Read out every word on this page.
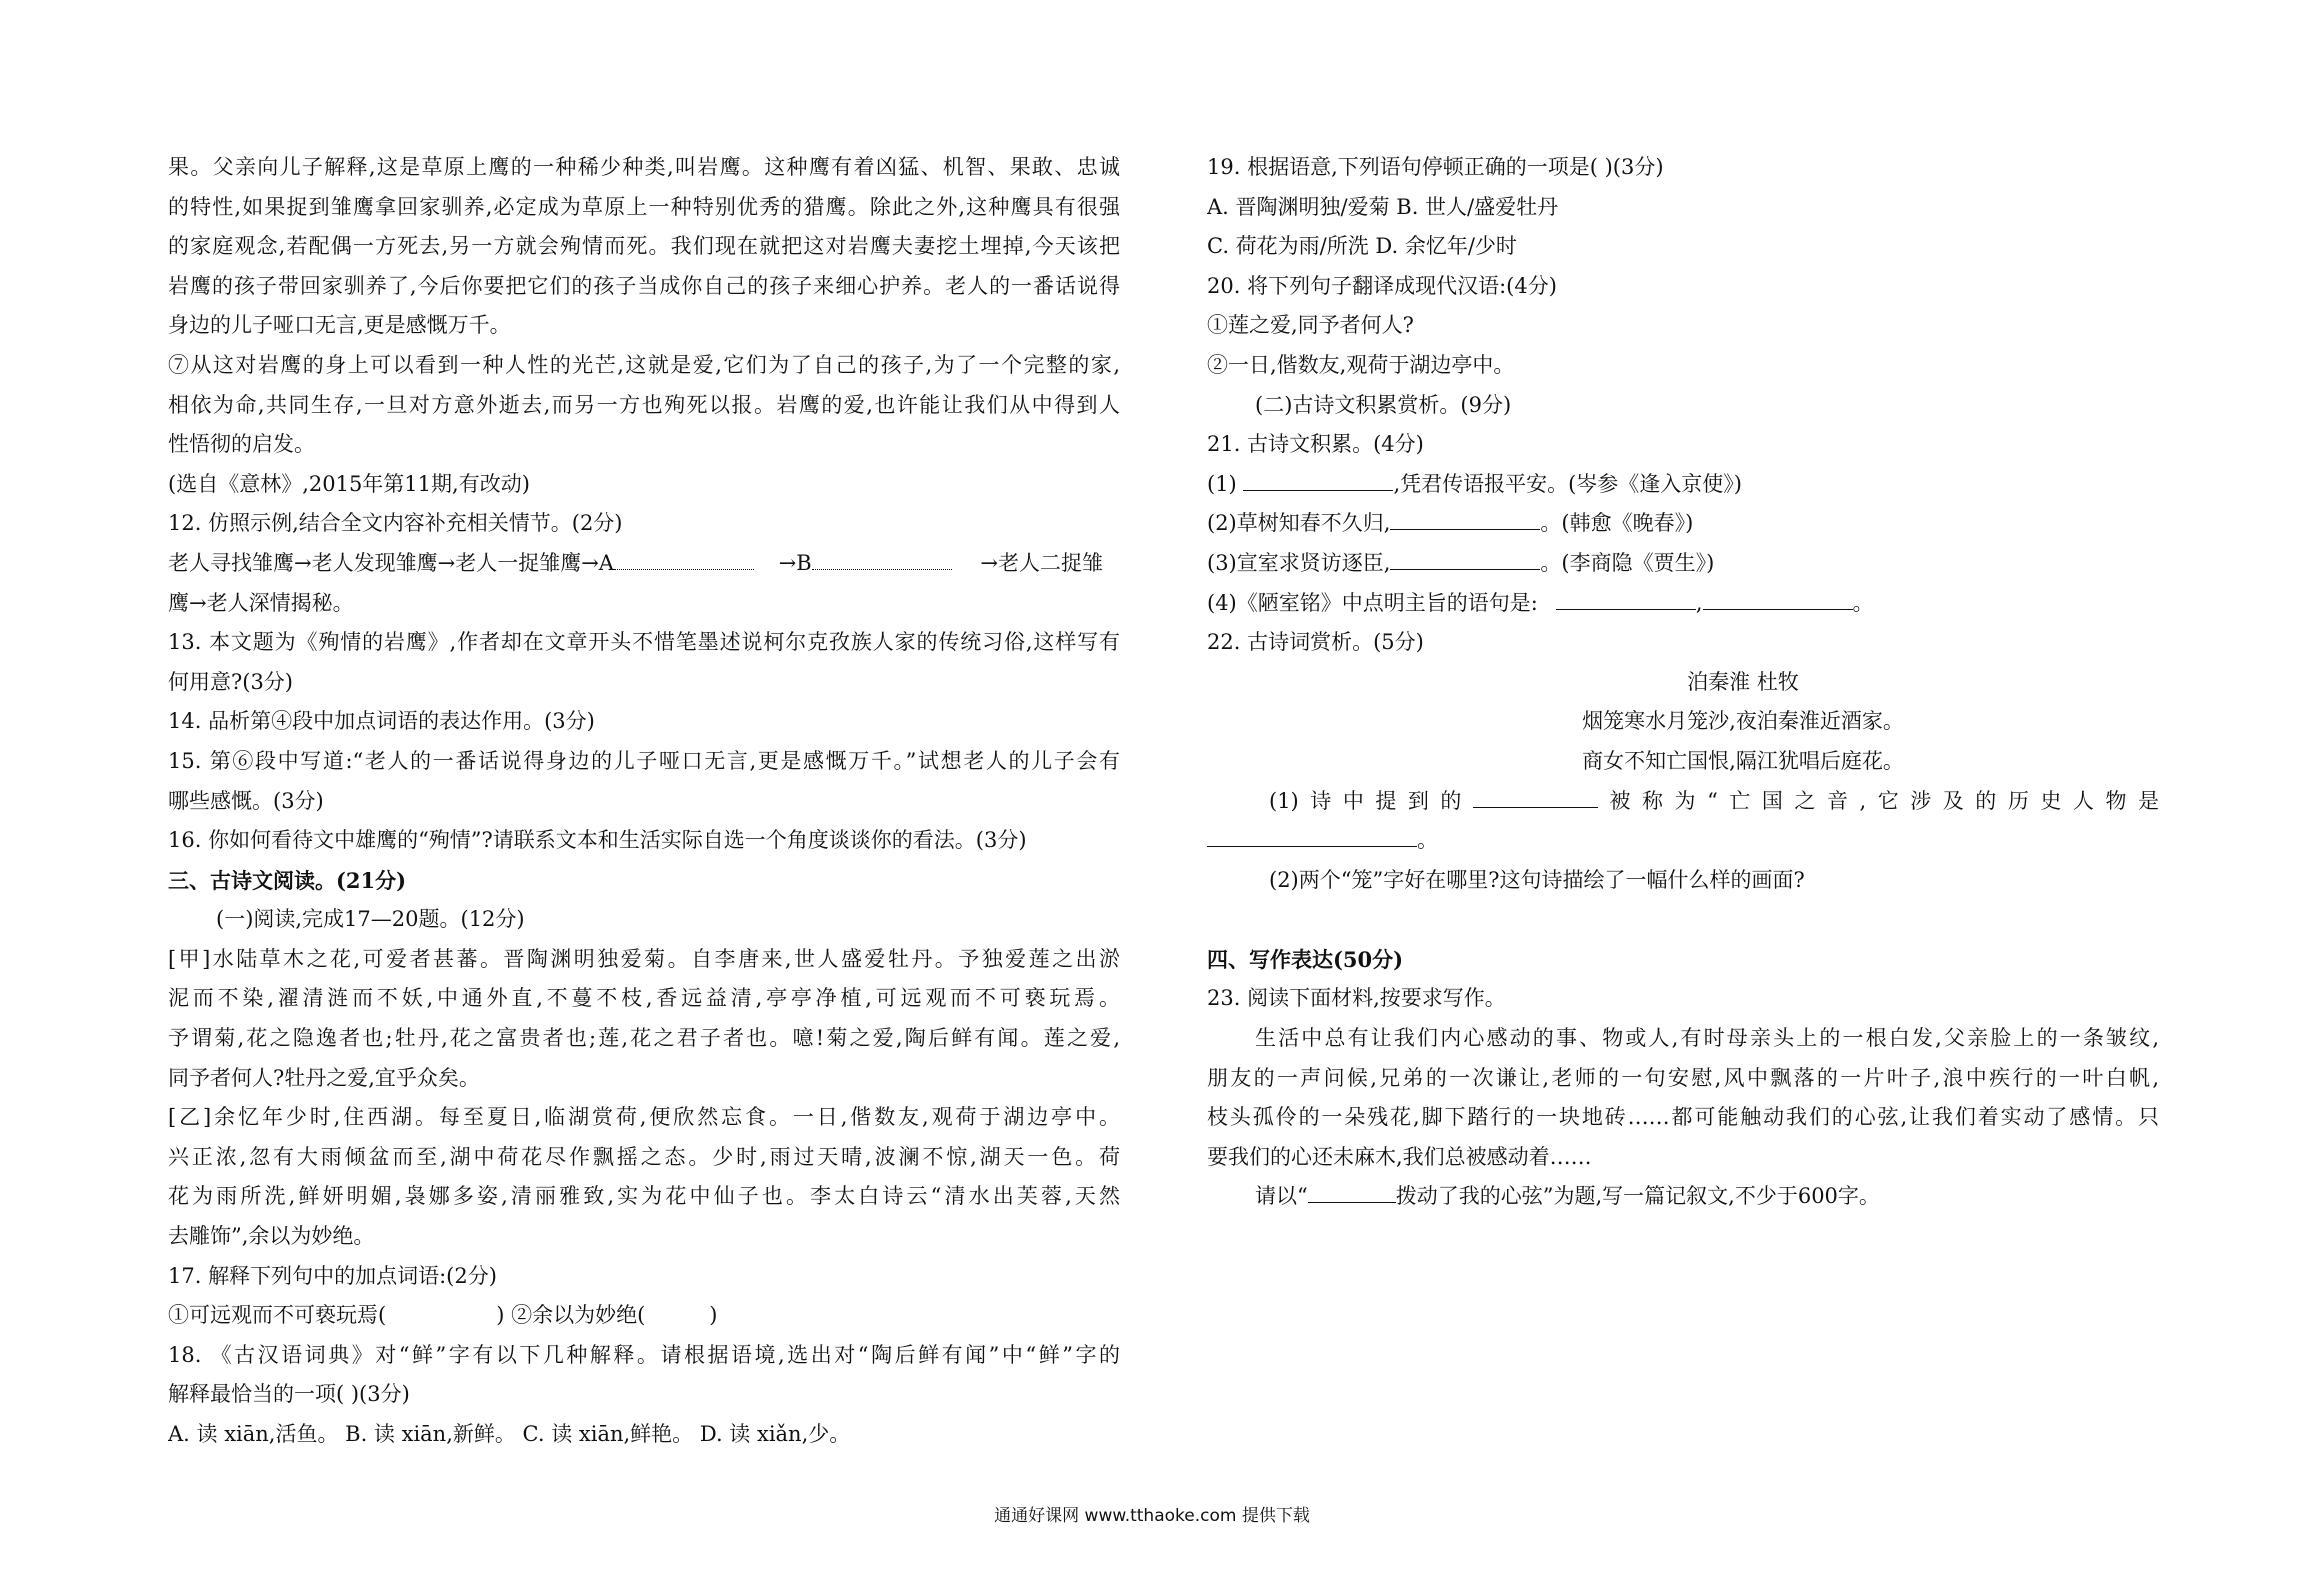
果。父亲向儿子解释,这是草原上鹰的一种稀少种类,叫岩鹰。这种鹰有着凶猛、机智、果敢、忠诚
的特性,如果捉到雏鹰拿回家驯养,必定成为草原上一种特别优秀的猎鹰。除此之外,这种鹰具有很强
的家庭观念,若配偶一方死去,另一方就会殉情而死。我们现在就把这对岩鹰夫妻挖土埋掉,今天该把
岩鹰的孩子带回家驯养了,今后你要把它们的孩子当成你自己的孩子来细心护养。老人的一番话说得
身边的儿子哑口无言,更是感慨万千。
⑦从这对岩鹰的身上可以看到一种人性的光芒,这就是爱,它们为了自己的孩子,为了一个完整的家,
相依为命,共同生存,一旦对方意外逝去,而另一方也殉死以报。岩鹰的爱,也许能让我们从中得到人
性悟彻的启发。
(选自《意林》,2015年第11期,有改动)
12. 仿照示例,结合全文内容补充相关情节。(2分)
老人寻找雏鹰→老人发现雏鹰→老人一捉雏鹰→A	→B	→老人二捉雏
鹰→老人深情揭秘。
13. 本文题为《殉情的岩鹰》,作者却在文章开头不惜笔墨述说柯尔克孜族人家的传统习俗,这样写有
何用意?(3分)
14. 品析第④段中加点词语的表达作用。(3分)
15. 第⑥段中写道:“老人的一番话说得身边的儿子哑口无言,更是感慨万千。”试想老人的儿子会有
哪些感慨。(3分)
16. 你如何看待文中雄鹰的“殉情”?请联系文本和生活实际自选一个角度谈谈你的看法。(3分)
三、古诗文阅读。(21分)
(一)阅读,完成17—20题。(12分)
[甲]水陆草木之花,可爱者甚蕃。晋陶渊明独爱菊。自李唐来,世人盛爱牡丹。予独爱莲之出淤
泥而不染,濯清涟而不妖,中通外直,不蔓不枝,香远益清,亭亭净植,可远观而不可亵玩焉。
予谓菊,花之隐逸者也;牡丹,花之富贵者也;莲,花之君子者也。噫!菊之爱,陶后鲜有闻。莲之爱,
同予者何人?牡丹之爱,宜乎众矣。
[乙]余忆年少时,住西湖。每至夏日,临湖赏荷,便欣然忘食。一日,偕数友,观荷于湖边亭中。
兴正浓,忽有大雨倾盆而至,湖中荷花尽作飘摇之态。少时,雨过天晴,波澜不惊,湖天一色。荷
花为雨所洗,鲜妍明媚,袅娜多姿,清丽雅致,实为花中仙子也。李太白诗云“清水出芙蓉,天然
去雕饰”,余以为妙绝。
17. 解释下列句中的加点词语:(2分)
①可远观而不可亵玩焉(	) ②余以为妙绝(	)
18. 《古汉语词典》对“鲜”字有以下几种解释。请根据语境,选出对“陶后鲜有闻”中“鲜”字的
解释最恰当的一项( )(3分)
A. 读 xiān,活鱼。 B. 读 xiān,新鲜。 C. 读 xiān,鲜艳。 D. 读 xiǎn,少。
19. 根据语意,下列语句停顿正确的一项是( )(3分)
A. 晋陶渊明独/爱菊 B. 世人/盛爱牡丹
C. 荷花为雨/所洗 D. 余忆年/少时
20. 将下列句子翻译成现代汉语:(4分)
①莲之爱,同予者何人?
②一日,偕数友,观荷于湖边亭中。
(二)古诗文积累赏析。(9分)
21. 古诗文积累。(4分)
(1)	,凭君传语报平安。(岑参《逢入京使》)
(2)草树知春不久归,	。(韩愈《晚春》)
(3)宣室求贤访逐臣,	。(李商隐《贾生》)
(4)《陋室铭》中点明主旨的语句是:	,	。
22. 古诗词赏析。(5分)
泊秦淮 杜牧
烟笼寒水月笼沙,夜泊秦淮近酒家。
商女不知亡国恨,隔江犹唱后庭花。
(1)诗中提到的	被称为“亡国之音,它涉及的历史人物是
。
(2)两个“笼”字好在哪里?这句诗描绘了一幅什么样的画面?
四、写作表达(50分)
23. 阅读下面材料,按要求写作。
生活中总有让我们内心感动的事、物或人,有时母亲头上的一根白发,父亲脸上的一条皱纹,
朋友的一声问候,兄弟的一次谦让,老师的一句安慰,风中飘落的一片叶子,浪中疾行的一叶白帆,
枝头孤伶的一朵残花,脚下踏行的一块地砖……都可能触动我们的心弦,让我们着实动了感情。只
要我们的心还未麻木,我们总被感动着……
请以“	拨动了我的心弦”为题,写一篇记叙文,不少于600字。
通通好课网 www.tthaoke.com 提供下载
